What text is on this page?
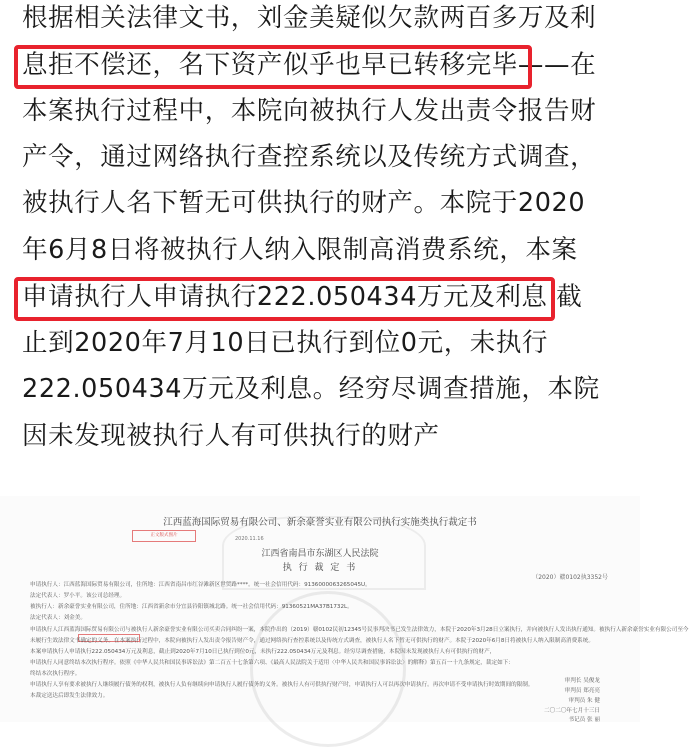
根据相关法律文书，刘金美疑似欠款两百多万及利
息拒不偿还，名下资产似乎也早已转移完毕——在
本案执行过程中，本院向被执行人发出责令报告财
产令，通过网络执行查控系统以及传统方式调查，
被执行人名下暂无可供执行的财产。本院于2020
年6月8日将被执行人纳入限制高消费系统，本案
申请执行人申请执行222.050434万元及利息 截
止到2020年7月10日已执行到位0元，未执行
222.050434万元及利息。经穷尽调查措施，本院
因未发现被执行人有可供执行的财产
江西蓝海国际贸易有限公司、新余豪誉实业有限公司执行实施类执行裁定书
正文版式图片
2020.11.16
江西省南昌市东湖区人民法院
执 行 裁 定 书
（2020）赣0102执3352号
申请执行人：江西蓝海国际贸易有限公司，住所地：江西省南昌市红谷滩新区世贸路****。统一社会信用代码：9136000063265045U。
法定代表人：罗小平。该公司总经理。
被执行人：新余豪誉实业有限公司，住所地：江西省新余市分宜县钤阳镇城北路。统一社会信用代码：91360521MA37B1732L。
法定代表人：刘金美。
申请执行人江西蓝海国际贸易有限公司与被执行人新余豪誉实业有限公司买卖合同纠纷一案，本院作出的（2019）赣0102民初12345号民事判决书已发生法律效力，本院于2020年3月28日立案执行，并向被执行人发出执行通知。被执行人新余豪誉实业有限公司至今
未履行生效法律文书确定的义务。在本案执行过程中，本院向被执行人发出责令报告财产令，通过网络执行查控系统以及传统方式调查，被执行人名下暂无可供执行的财产。本院于2020年6月8日将被执行人纳入限制高消费系统。
本案申请执行人申请执行222.050434万元及利息，截止到2020年7月10日已执行到位0元，未执行222.050434万元及利息。经穷尽调查措施，本院因未发现被执行人有可供执行的财产，
申请执行人同意终结本次执行程序。依照《中华人民共和国民事诉讼法》第二百五十七条第六项、《最高人民法院关于适用〈中华人民共和国民事诉讼法〉的解释》第五百一十九条规定，裁定如下：
终结本次执行程序。
申请执行人享有要求被执行人继续履行债务的权利，被执行人负有继续向申请执行人履行债务的义务。被执行人有可供执行财产时，申请执行人可以再次申请执行。再次申请不受申请执行时效期间的限制。
本裁定送达后即发生法律效力。
审判长 吴俊龙
审判员 郑亮亮
审判员 朱 健
二〇二〇年七月十三日
书记员 张 丽
